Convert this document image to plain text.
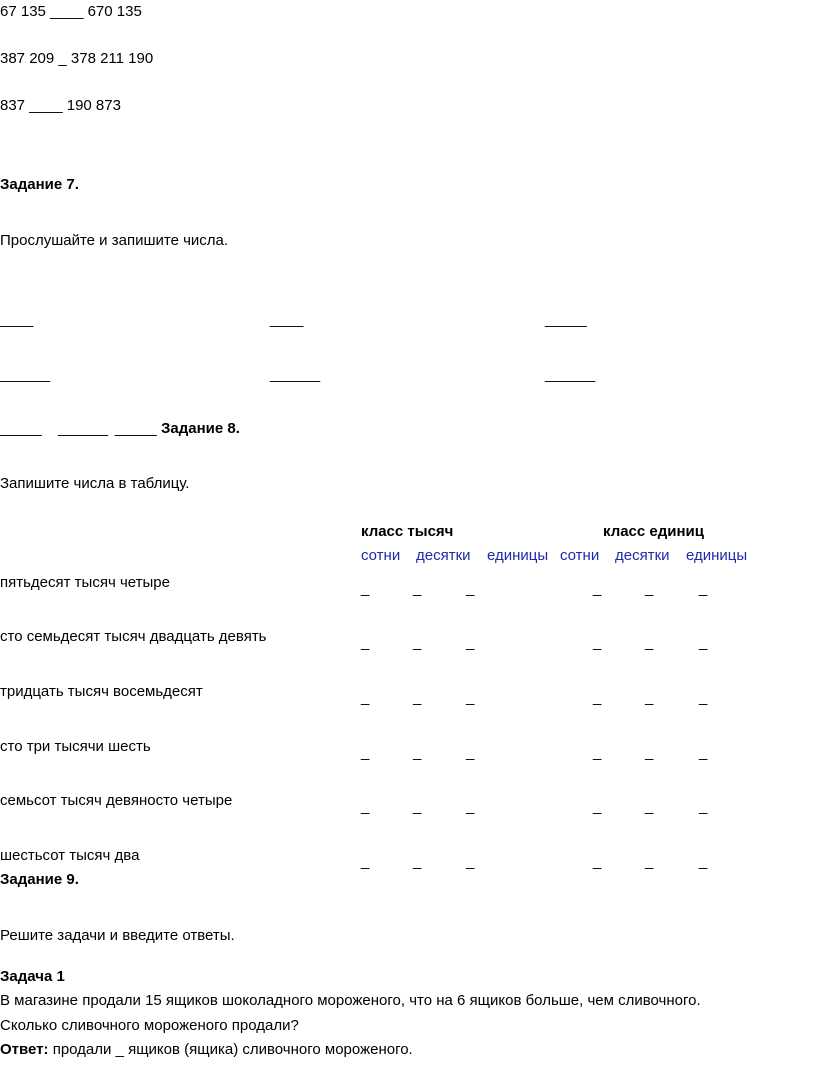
67 135 ____ 670 135
387 209 _ 378 211 190
837 ____ 190 873
Задание 7.
Прослушайте и запишите числа.
____	____	_____
______	______	______
_____ ______ _____ Задание 8.
Запишите числа в таблицу.
класс тысяч	класс единиц
сотни десятки единицы сотни десятки единицы
пятьдесят тысяч четыре	_	_	_	_	_	_
сто семьдесят тысяч двадцать девять	_	_	_	_	_	_
тридцать тысяч восемьдесят	_	_	_	_	_	_
сто три тысячи шесть	_	_	_	_	_	_
семьсот тысяч девяносто четыре	_	_	_	_	_	_
шестьсот тысяч два	_	_	_	_	_	_
Задание 9.
Решите задачи и введите ответы.
Задача 1
В магазине продали 15 ящиков шоколадного мороженого, что на 6 ящиков больше, чем сливочного.
Сколько сливочного мороженого продали?
Ответ: продали _ ящиков (ящика) сливочного мороженого.
